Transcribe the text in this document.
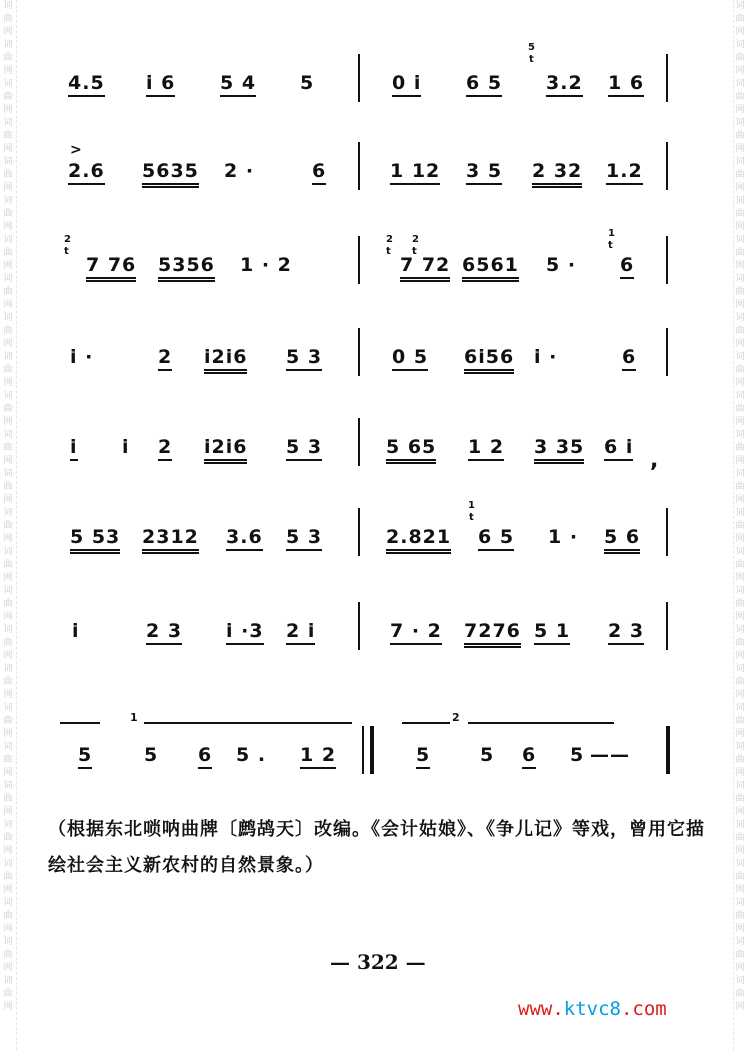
词曲网词曲网词曲网词曲网词曲网词曲网词曲网词曲网词曲网词曲网词曲网词曲网词曲网词曲网词曲网词曲网词曲网词曲网词曲网词曲网词曲网词曲网词曲网词曲网词曲网词曲网
词曲网词曲网词曲网词曲网词曲网词曲网词曲网词曲网词曲网词曲网词曲网词曲网词曲网词曲网词曲网词曲网词曲网词曲网词曲网词曲网词曲网词曲网词曲网词曲网词曲网词曲网
4.5 i 6 5 4 5	0 i 6 5
5
t
3.2 1 6
>
2.6 5635 2 ·	6	1 12 3 5 2 32 1.2
2
t
7 76 5356 1 · 2
2
t
2
t
7 72 6561 5 ·
1
t
6
i ·	2 i2i6 5 3	0 5 6i56 i ·	6
i i 2 i2i6 5 3	5 65 1 2 3 35 6 i
,
5 53 2312 3.6 5 3	2.821
1
t
6 5 1 · 5 6
i	2 3 i ·3 2 i	7 · 2 7276 5 1 2 3
1	2
5	5 6 5 . 1 2	5	5 6 5 ——
（根据东北唢呐曲牌〔鹧鸪天〕改编。《会计姑娘》、《争儿记》等戏，曾用它描绘社会主义新农村的自然景象。）
— 322 —
www.ktvc8.com
